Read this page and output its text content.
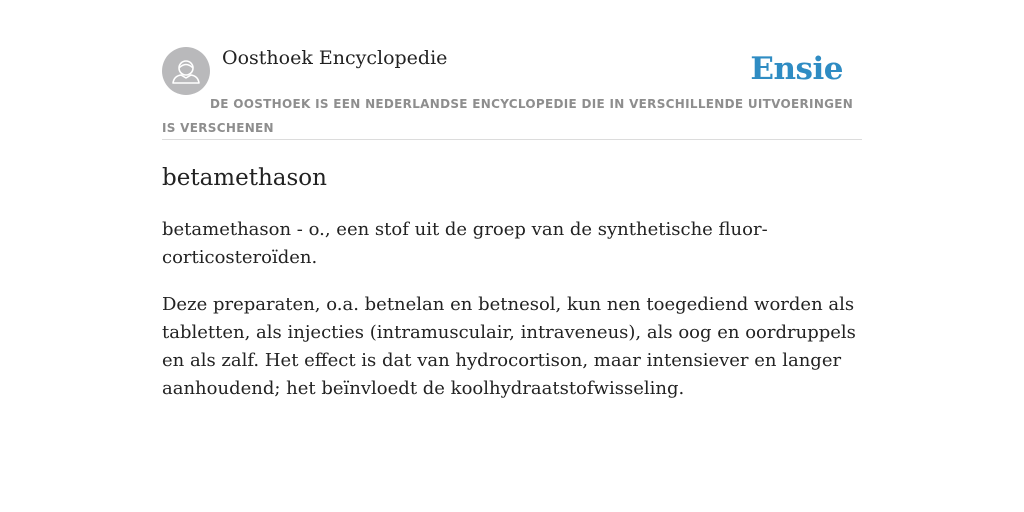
Oosthoek Encyclopedie	Ensie
DE OOSTHOEK IS EEN NEDERLANDSE ENCYCLOPEDIE DIE IN VERSCHILLENDE UITVOERINGEN IS VERSCHENEN
betamethason

betamethason - o., een stof uit de groep van de synthetische fluor-corticosteroïden.

Deze preparaten, o.a. betnelan en betnesol, kun nen toegediend worden als tabletten, als injecties (intramusculair, intraveneus), als oog en oordruppels en als zalf. Het effect is dat van hydrocortison, maar intensiever en langer aanhoudend; het beïnvloedt de koolhydraatstofwisseling.
